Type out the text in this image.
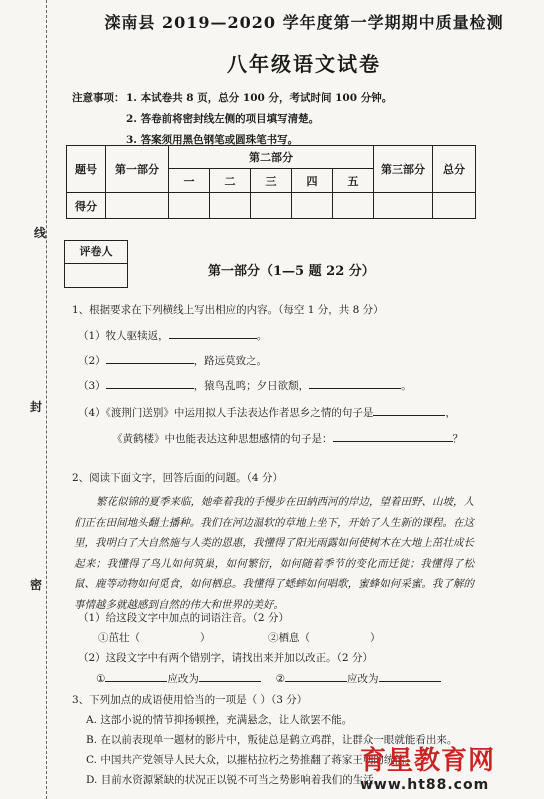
线
封
密
滦南县 2019—2020 学年度第一学期期中质量检测
八年级语文试卷
注意事项： 1. 本试卷共 8 页，总分 100 分，考试时间 100 分钟。
2. 答卷前将密封线左侧的项目填写清楚。
3. 答案须用黑色钢笔或圆珠笔书写。
题号	第一部分	第二部分					第三部分	总分
		一	二	三	四	五		
得分								
评卷人
第一部分（1—5 题 22 分）
1、根据要求在下列横线上写出相应的内容。（每空 1 分，共 8 分）
（1）牧人驱犊返，	。
（2）	，路远莫致之。
（3）	，猿鸟乱鸣；夕日欲颓，	。
（4）《渡荆门送别》中运用拟人手法表达作者思乡之情的句子是	，
《黄鹤楼》中也能表达这种思想感情的句子是：	？
2、阅读下面文字，回答后面的问题。（4 分）
繁花似锦的夏季来临，她牵着我的手慢步在田納西河的岸边，望着田野、山坡，人们正在田间地头翻土播种。我们在河边温软的草地上坐下，开始了人生新的课程。在这里，我明白了大自然施与人类的恩惠，我懂得了阳光雨露如何使树木在大地上茁壮成长起来；我懂得了鸟儿如何筑巢，如何繁衍，如何随着季节的变化而迁徙；我懂得了松鼠、鹿等动物如何觅食，如何栖息。我懂得了蟋蟀如何唱歌，蜜蜂如何采蜜。我了解的事情越多就越感到自然的伟大和世界的美好。
（1）给这段文字中加点的词语注音。（2 分）
①茁壮（	）	②栖息（	）
（2）这段文字中有两个错别字，请找出来并加以改正。（2 分）
①	应改为	②	应改为
3、下列加点的成语使用恰当的一项是（ ）（3 分）
A. 这部小说的情节抑扬顿挫，充满悬念，让人欲罢不能。
B. 在以前表现单一题材的影片中，叛徒总是鹤立鸡群，让群众一眼就能看出来。
C. 中国共产党领导人民大众，以摧枯拉朽之势推翻了蒋家王朝的统治。
D. 目前水资源紧缺的状况正以锐不可当之势影响着我们的生活。
育星教育网
www.ht88.com
